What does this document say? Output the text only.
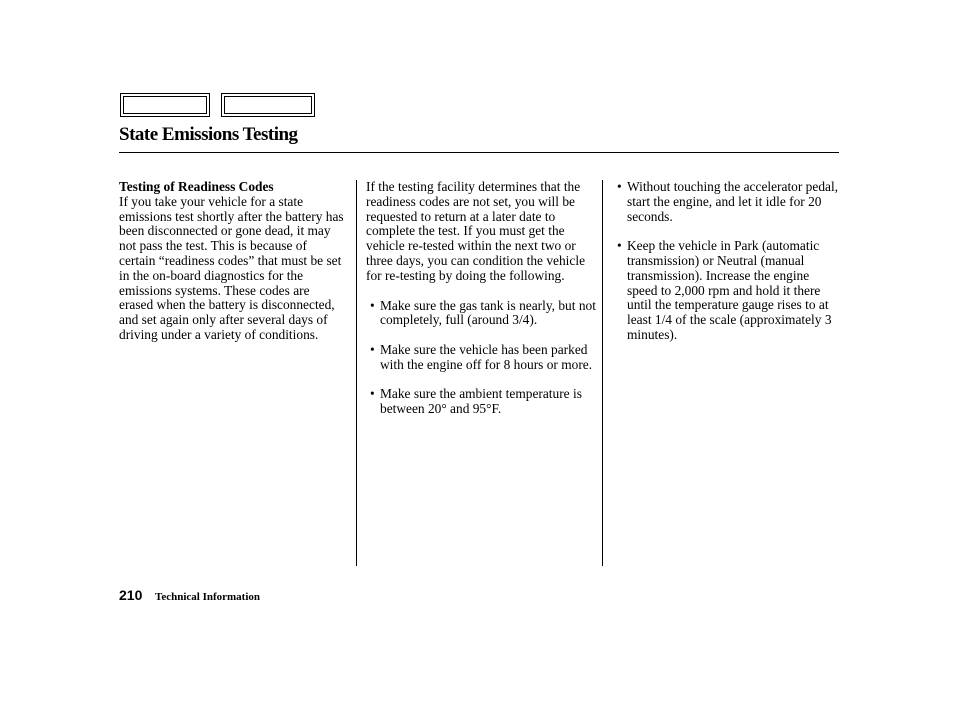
State Emissions Testing
Testing of Readiness Codes

If you take your vehicle for a state emissions test shortly after the battery has been disconnected or gone dead, it may not pass the test. This is because of certain “readiness codes” that must be set in the on-board diagnostics for the emissions systems. These codes are erased when the battery is disconnected, and set again only after several days of driving under a variety of conditions.

If the testing facility determines that the readiness codes are not set, you will be requested to return at a later date to complete the test. If you must get the vehicle re-tested within the next two or three days, you can condition the vehicle for re-testing by doing the following.

• Make sure the gas tank is nearly, but not completely, full (around 3/4).
• Make sure the vehicle has been parked with the engine off for 8 hours or more.
• Make sure the ambient temperature is between 20° and 95°F.
• Without touching the accelerator pedal, start the engine, and let it idle for 20 seconds.
• Keep the vehicle in Park (automatic transmission) or Neutral (manual transmission). Increase the engine speed to 2,000 rpm and hold it there until the temperature gauge rises to at least 1/4 of the scale (approximately 3 minutes).
210 Technical Information
